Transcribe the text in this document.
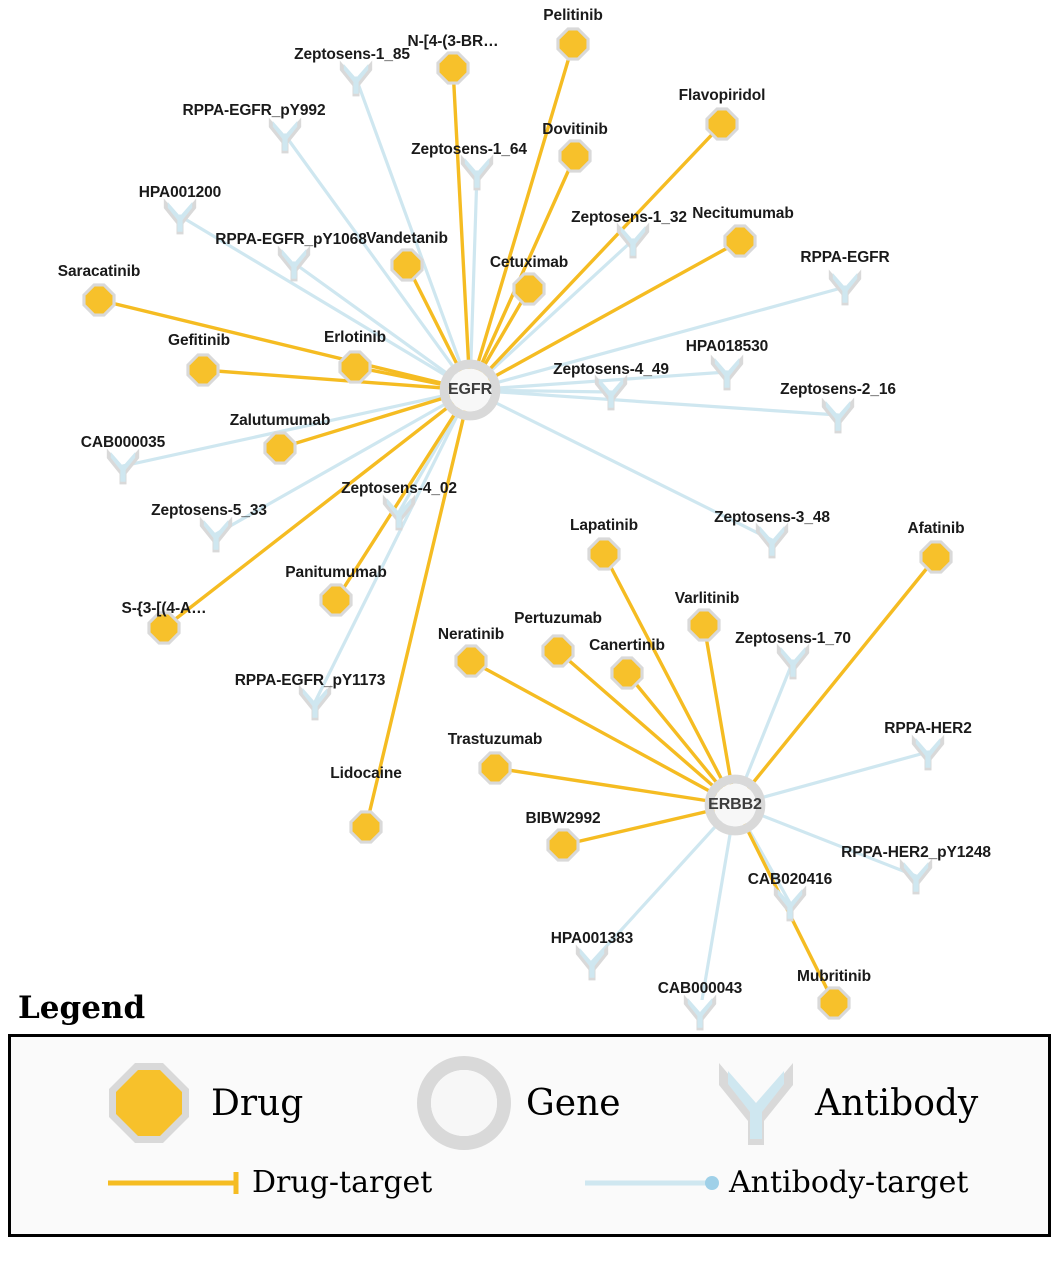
Zeptosens-1_85
RPPA-EGFR_pY992
Zeptosens-1_64
HPA001200
Zeptosens-1_32
RPPA-EGFR_pY1068
RPPA-EGFR
HPA018530
Zeptosens-4_49
Zeptosens-2_16
CAB000035
Zeptosens-4_02
Zeptosens-5_33	Zeptosens-3_48
Zeptosens-1_70
RPPA-EGFR_pY1173
RPPA-HER2
RPPA-HER2_pY1248
CAB020416
HPA001383
CAB000043
Pelitinib
N-[4-(3-BR…
Flavopiridol
Dovitinib
Necitumumab
Vandetanib
Cetuximab
Saracatinib
Erlotinib
Gefitinib
Zalutumumab
Lapatinib	Afatinib
Panitumumab
S-{3-[(4-A…
Varlitinib
Pertuzumab
Neratinib
Canertinib
Trastuzumab
Lidocaine
BIBW2992
Mubritinib
EGFR
ERBB2
Legend
Drug	Gene	Antibody
Drug-target	Antibody-target
